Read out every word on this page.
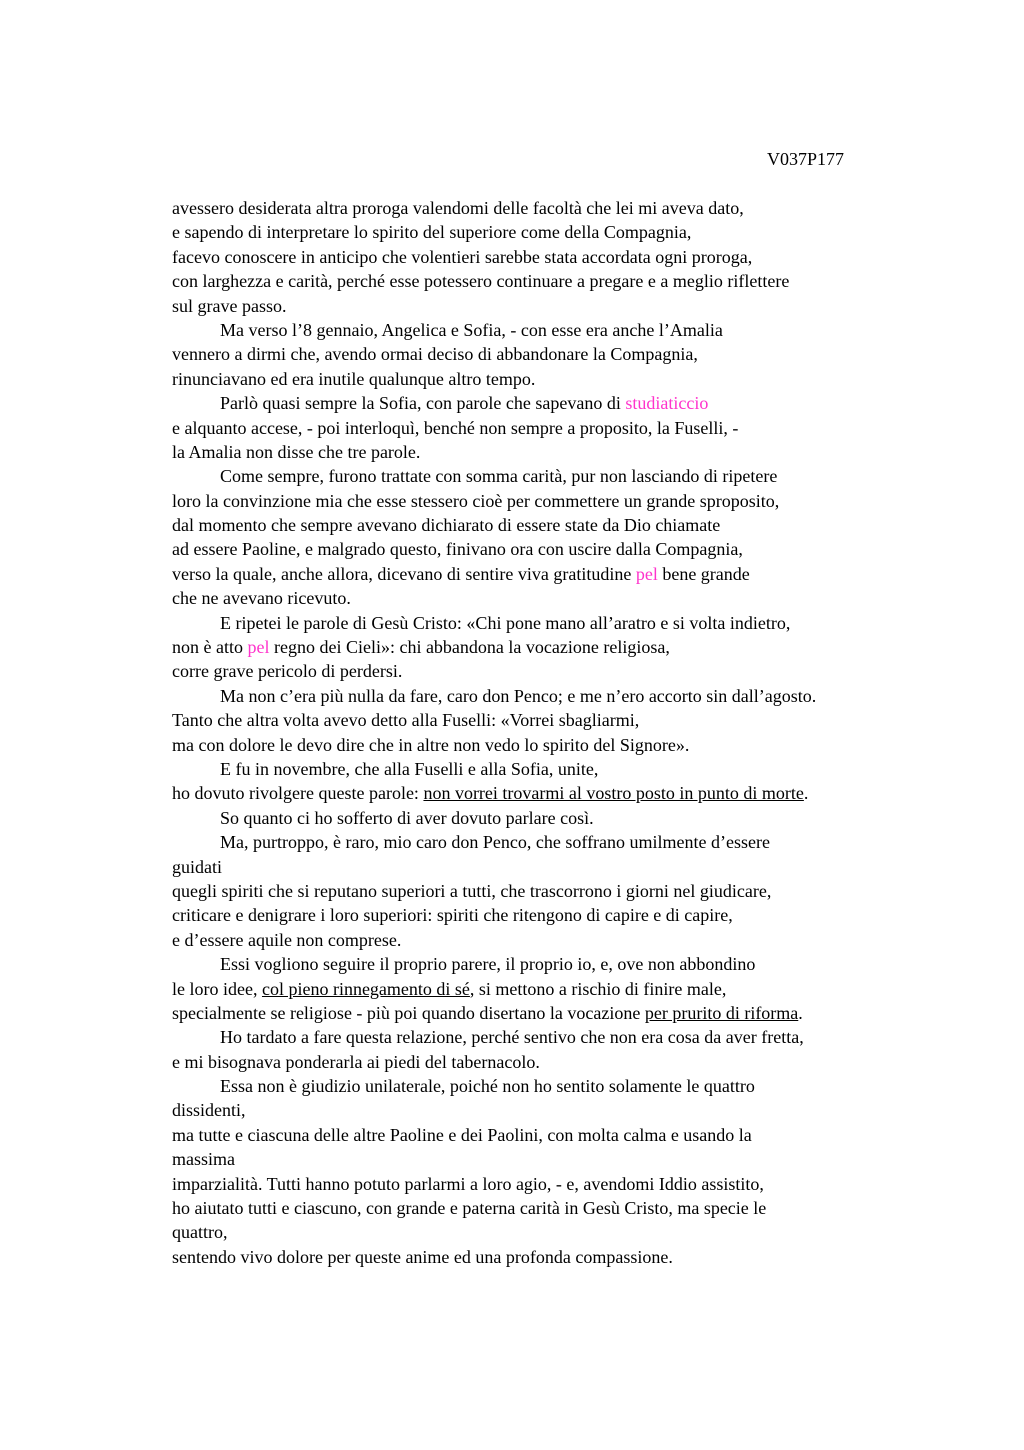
V037P177
avessero desiderata altra proroga valendomi delle facoltà che lei mi aveva dato,
e sapendo di interpretare lo spirito del superiore come della Compagnia,
facevo conoscere in anticipo che volentieri sarebbe stata accordata ogni proroga,
con larghezza e carità, perché esse potessero continuare a pregare e a meglio riflettere
sul grave passo.
Ma verso l’8 gennaio, Angelica e Sofia, - con esse era anche l’Amalia
vennero a dirmi che, avendo ormai deciso di abbandonare la Compagnia,
rinunciavano ed era inutile qualunque altro tempo.
Parlò quasi sempre la Sofia, con parole che sapevano di studiaticcio
e alquanto accese, - poi interloquì, benché non sempre a proposito, la Fuselli, -
la Amalia non disse che tre parole.
Come sempre, furono trattate con somma carità, pur non lasciando di ripetere
loro la convinzione mia che esse stessero cioè per commettere un grande sproposito,
dal momento che sempre avevano dichiarato di essere state da Dio chiamate
ad essere Paoline, e malgrado questo, finivano ora con uscire dalla Compagnia,
verso la quale, anche allora, dicevano di sentire viva gratitudine pel bene grande
che ne avevano ricevuto.
E ripetei le parole di Gesù Cristo: «Chi pone mano all’aratro e si volta indietro,
non è atto pel regno dei Cieli»: chi abbandona la vocazione religiosa,
corre grave pericolo di perdersi.
Ma non c’era più nulla da fare, caro don Penco; e me n’ero accorto sin dall’agosto.
Tanto che altra volta avevo detto alla Fuselli: «Vorrei sbagliarmi,
ma con dolore le devo dire che in altre non vedo lo spirito del Signore».
E fu in novembre, che alla Fuselli e alla Sofia, unite,
ho dovuto rivolgere queste parole: non vorrei trovarmi al vostro posto in punto di morte.
So quanto ci ho sofferto di aver dovuto parlare così.
Ma, purtroppo, è raro, mio caro don Penco, che soffrano umilmente d’essere
guidati
quegli spiriti che si reputano superiori a tutti, che trascorrono i giorni nel giudicare,
criticare e denigrare i loro superiori: spiriti che ritengono di capire e di capire,
e d’essere aquile non comprese.
Essi vogliono seguire il proprio parere, il proprio io, e, ove non abbondino
le loro idee, col pieno rinnegamento di sé, si mettono a rischio di finire male,
specialmente se religiose - più poi quando disertano la vocazione per prurito di riforma.
Ho tardato a fare questa relazione, perché sentivo che non era cosa da aver fretta,
e mi bisognava ponderarla ai piedi del tabernacolo.
Essa non è giudizio unilaterale, poiché non ho sentito solamente le quattro
dissidenti,
ma tutte e ciascuna delle altre Paoline e dei Paolini, con molta calma e usando la
massima
imparzialità. Tutti hanno potuto parlarmi a loro agio, - e, avendomi Iddio assistito,
ho aiutato tutti e ciascuno, con grande e paterna carità in Gesù Cristo, ma specie le
quattro,
sentendo vivo dolore per queste anime ed una profonda compassione.
